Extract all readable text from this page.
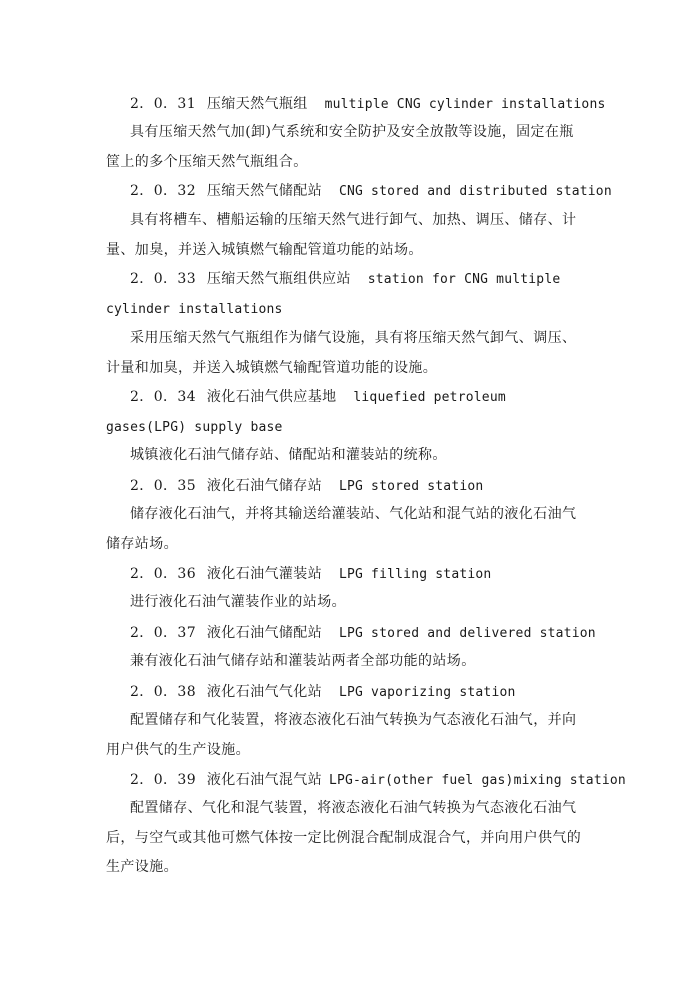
2．0．31 压缩天然气瓶组 multiple CNG cylinder installations
具有压缩天然气加(卸)气系统和安全防护及安全放散等设施，固定在瓶筐上的多个压缩天然气瓶组合。
2．0．32 压缩天然气储配站 CNG stored and distributed station
具有将槽车、槽船运输的压缩天然气进行卸气、加热、调压、储存、计量、加臭，并送入城镇燃气输配管道功能的站场。
2．0．33 压缩天然气瓶组供应站 station for CNG multiple cylinder installations
采用压缩天然气气瓶组作为储气设施，具有将压缩天然气卸气、调压、计量和加臭，并送入城镇燃气输配管道功能的设施。
2．0．34 液化石油气供应基地 liquefied petroleum gases(LPG) supply base
城镇液化石油气储存站、储配站和灌装站的统称。
2．0．35 液化石油气储存站 LPG stored station
储存液化石油气，并将其输送给灌装站、气化站和混气站的液化石油气储存站场。
2．0．36 液化石油气灌装站 LPG filling station
进行液化石油气灌装作业的站场。
2．0．37 液化石油气储配站 LPG stored and delivered station
兼有液化石油气储存站和灌装站两者全部功能的站场。
2．0．38 液化石油气气化站 LPG vaporizing station
配置储存和气化装置，将液态液化石油气转换为气态液化石油气，并向用户供气的生产设施。
2．0．39 液化石油气混气站 LPG-air(other fuel gas)mixing station
配置储存、气化和混气装置，将液态液化石油气转换为气态液化石油气后，与空气或其他可燃气体按一定比例混合配制成混合气，并向用户供气的生产设施。
